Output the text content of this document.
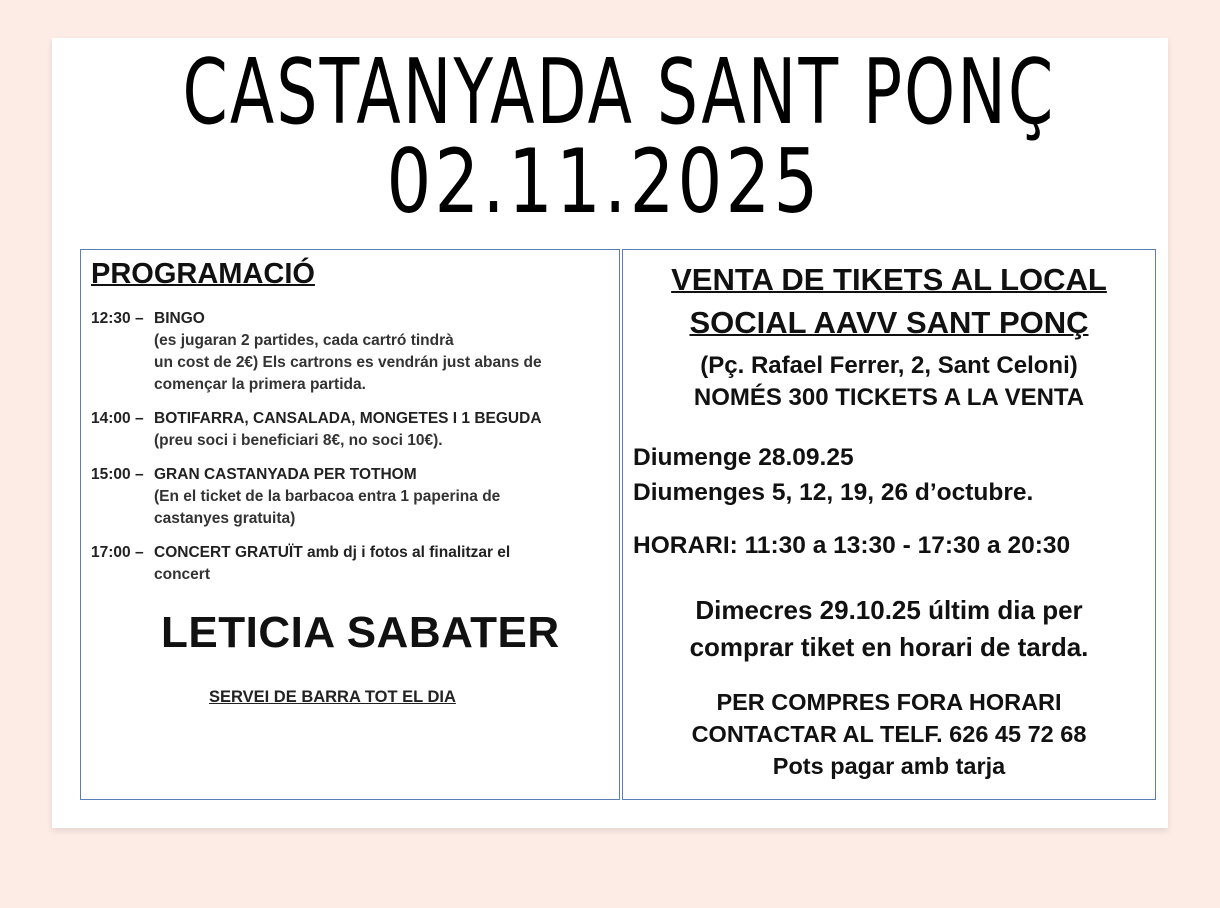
CASTANYADA SANT PONÇ
02.11.2025
PROGRAMACIÓ
12:30 – BINGO
(es jugaran 2 partides, cada cartró tindrà
un cost de 2€) Els cartrons es vendrán just abans de
començar la primera partida.
14:00 – BOTIFARRA, CANSALADA, MONGETES I 1 BEGUDA
(preu soci i beneficiari 8€, no soci 10€).
15:00 – GRAN CASTANYADA PER TOTHOM
(En el ticket de la barbacoa entra 1 paperina de
castanyes gratuita)
17:00 – CONCERT GRATUÏT amb dj i fotos al finalitzar el
concert
LETICIA SABATER
SERVEI DE BARRA TOT EL DIA
VENTA DE TIKETS AL LOCAL
SOCIAL AAVV SANT PONÇ
(Pç. Rafael Ferrer, 2, Sant Celoni)
NOMÉS 300 TICKETS A LA VENTA
Diumenge 28.09.25
Diumenges 5, 12, 19, 26 d’octubre.
HORARI: 11:30 a 13:30 - 17:30 a 20:30
Dimecres 29.10.25 últim dia per
comprar tiket en horari de tarda.
PER COMPRES FORA HORARI
CONTACTAR AL TELF. 626 45 72 68
Pots pagar amb tarja
